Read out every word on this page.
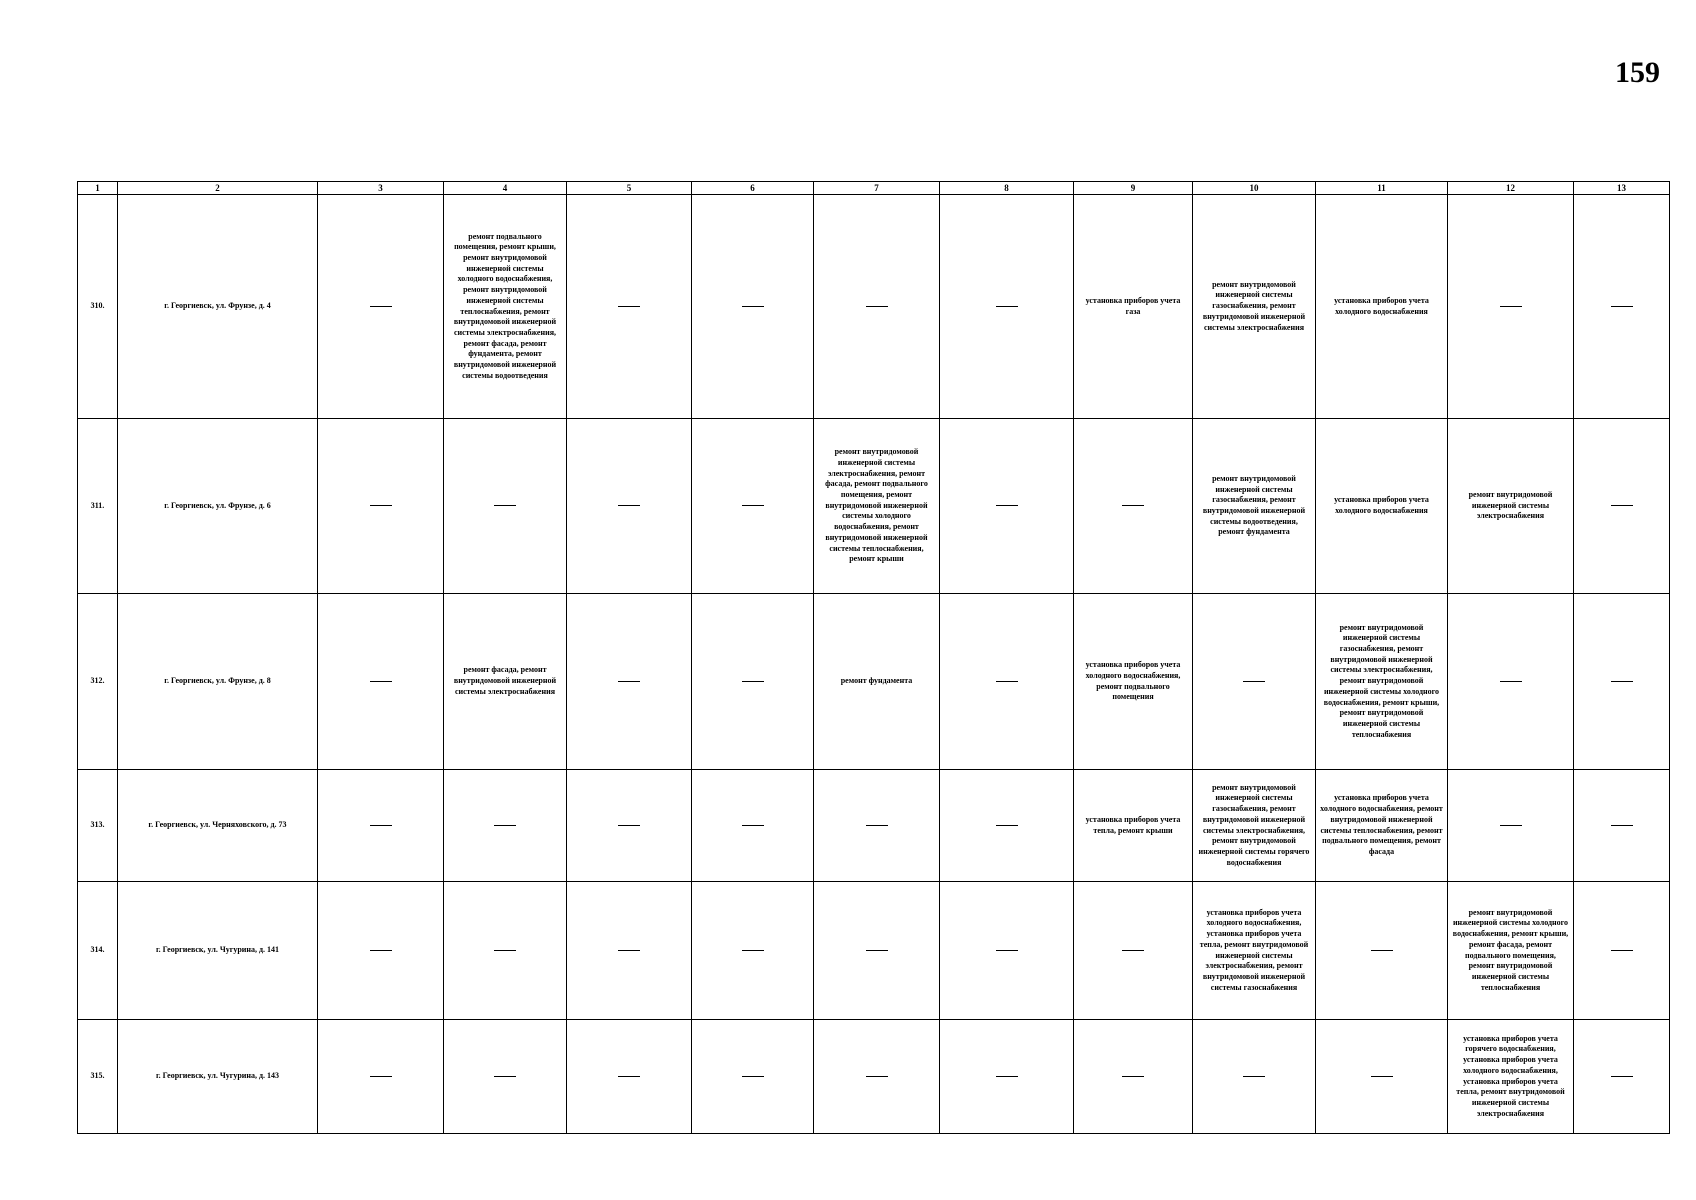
159
1	2	3	4	5	6	7	8	9	10	11	12	13
310.	г. Георгиевск, ул. Фрунзе, д. 4		ремонт подвального помещения, ремонт крыши, ремонт внутридомовой инженерной системы холодного водоснабжения, ремонт внутридомовой инженерной системы теплоснабжения, ремонт внутридомовой инженерной системы электроснабжения, ремонт фасада, ремонт фундамента, ремонт внутридомовой инженерной системы водоотведения					установка приборов учета газа	ремонт внутридомовой инженерной системы газоснабжения, ремонт внутридомовой инженерной системы электроснабжения	установка приборов учета холодного водоснабжения		
311.	г. Георгиевск, ул. Фрунзе, д. 6					ремонт внутридомовой инженерной системы электроснабжения, ремонт фасада, ремонт подвального помещения, ремонт внутридомовой инженерной системы холодного водоснабжения, ремонт внутридомовой инженерной системы теплоснабжения, ремонт крыши			ремонт внутридомовой инженерной системы газоснабжения, ремонт внутридомовой инженерной системы водоотведения, ремонт фундамента	установка приборов учета холодного водоснабжения	ремонт внутридомовой инженерной системы электроснабжения	
312.	г. Георгиевск, ул. Фрунзе, д. 8		ремонт фасада, ремонт внутридомовой инженерной системы электроснабжения			ремонт фундамента		установка приборов учета холодного водоснабжения, ремонт подвального помещения		ремонт внутридомовой инженерной системы газоснабжения, ремонт внутридомовой инженерной системы электроснабжения, ремонт внутридомовой инженерной системы холодного водоснабжения, ремонт крыши, ремонт внутридомовой инженерной системы теплоснабжения		
313.	г. Георгиевск, ул. Черняховского, д. 73							установка приборов учета тепла, ремонт крыши	ремонт внутридомовой инженерной системы газоснабжения, ремонт внутридомовой инженерной системы электроснабжения, ремонт внутридомовой инженерной системы горячего водоснабжения	установка приборов учета холодного водоснабжения, ремонт внутридомовой инженерной системы теплоснабжения, ремонт подвального помещения, ремонт фасада		
314.	г. Георгиевск, ул. Чугурина, д. 141								установка приборов учета холодного водоснабжения, установка приборов учета тепла, ремонт внутридомовой инженерной системы электроснабжения, ремонт внутридомовой инженерной системы газоснабжения		ремонт внутридомовой инженерной системы холодного водоснабжения, ремонт крыши, ремонт фасада, ремонт подвального помещения, ремонт внутридомовой инженерной системы теплоснабжения	
315.	г. Георгиевск, ул. Чугурина, д. 143										установка приборов учета горячего водоснабжения, установка приборов учета холодного водоснабжения, установка приборов учета тепла, ремонт внутридомовой инженерной системы электроснабжения	
